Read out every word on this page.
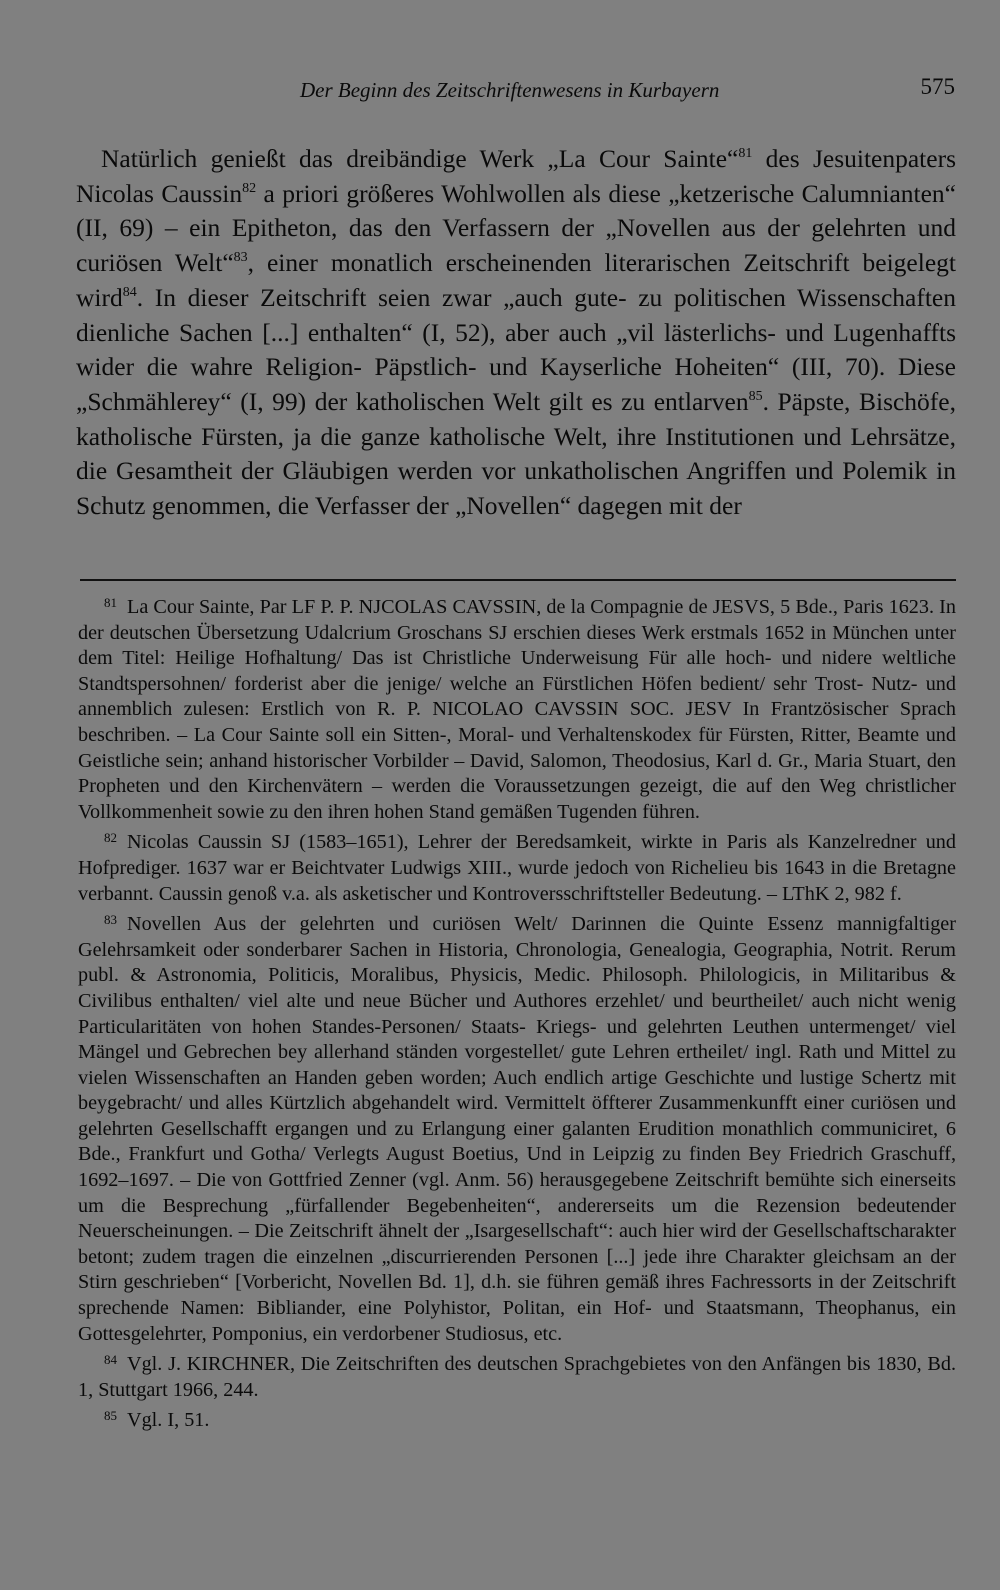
Der Beginn des Zeitschriftenwesens in Kurbayern	575

Natürlich genießt das dreibändige Werk „La Cour Sainte“$^{81}$ des Jesuitenpaters Nicolas Caussin$^{82}$ a priori größeres Wohlwollen als diese „ketzerische Calumnianten“ (II, 69) – ein Epitheton, das den Verfassern der „Novellen aus der gelehrten und curiösen Welt“$^{83}$, einer monatlich erscheinenden literarischen Zeitschrift beigelegt wird$^{84}$. In dieser Zeitschrift seien zwar „auch gute- zu politischen Wissenschaften dienliche Sachen [...] enthalten“ (I, 52), aber auch „vil lästerlichs- und Lugenhaffts wider die wahre Religion- Päpstlich- und Kayserliche Hoheiten“ (III, 70). Diese „Schmählerey“ (I, 99) der katholischen Welt gilt es zu entlarven$^{85}$. Päpste, Bischöfe, katholische Fürsten, ja die ganze katholische Welt, ihre Institutionen und Lehrsätze, die Gesamtheit der Gläubigen werden vor unkatholischen Angriffen und Polemik in Schutz genommen, die Verfasser der „Novellen“ dagegen mit der

$^{81}$ La Cour Sainte, Par LF P. P. NJCOLAS CAVSSIN, de la Compagnie de JESVS, 5 Bde., Paris 1623. In der deutschen Übersetzung Udalcrium Groschans SJ erschien dieses Werk erstmals 1652 in München unter dem Titel: Heilige Hofhaltung/ Das ist Christliche Underweisung Für alle hoch- und nidere weltliche Standtspersohnen/ forderist aber die jenige/ welche an Fürstlichen Höfen bedient/ sehr Trost- Nutz- und annemblich zulesen: Erstlich von R. P. NICOLAO CAVSSIN SOC. JESV In Frantzösischer Sprach beschriben. – La Cour Sainte soll ein Sitten-, Moral- und Verhaltenskodex für Fürsten, Ritter, Beamte und Geistliche sein; anhand historischer Vorbilder – David, Salomon, Theodosius, Karl d. Gr., Maria Stuart, den Propheten und den Kirchenvätern – werden die Voraussetzungen gezeigt, die auf den Weg christlicher Vollkommenheit sowie zu den ihren hohen Stand gemäßen Tugenden führen.

$^{82}$ Nicolas Caussin SJ (1583–1651), Lehrer der Beredsamkeit, wirkte in Paris als Kanzelredner und Hofprediger. 1637 war er Beichtvater Ludwigs XIII., wurde jedoch von Richelieu bis 1643 in die Bretagne verbannt. Caussin genoß v.a. als asketischer und Kontroversschriftsteller Bedeutung. – LThK 2, 982 f.

$^{83}$ Novellen Aus der gelehrten und curiösen Welt/ Darinnen die Quinte Essenz mannigfaltiger Gelehrsamkeit oder sonderbarer Sachen in Historia, Chronologia, Genealogia, Geographia, Notrit. Rerum publ. & Astronomia, Politicis, Moralibus, Physicis, Medic. Philosoph. Philologicis, in Militaribus & Civilibus enthalten/ viel alte und neue Bücher und Authores erzehlet/ und beurtheilet/ auch nicht wenig Particularitäten von hohen Standes-Personen/ Staats- Kriegs- und gelehrten Leuthen untermenget/ viel Mängel und Gebrechen bey allerhand ständen vorgestellet/ gute Lehren ertheilet/ ingl. Rath und Mittel zu vielen Wissenschaften an Handen geben worden; Auch endlich artige Geschichte und lustige Schertz mit beygebracht/ und alles Kürtzlich abgehandelt wird. Vermittelt öffterer Zusammenkunfft einer curiösen und gelehrten Gesellschafft ergangen und zu Erlangung einer galanten Erudition monathlich communiciret, 6 Bde., Frankfurt und Gotha/ Verlegts August Boetius, Und in Leipzig zu finden Bey Friedrich Graschuff, 1692–1697. – Die von Gottfried Zenner (vgl. Anm. 56) herausgegebene Zeitschrift bemühte sich einerseits um die Besprechung „fürfallender Begebenheiten“, andererseits um die Rezension bedeutender Neuerscheinungen. – Die Zeitschrift ähnelt der „Isargesellschaft“: auch hier wird der Gesellschaftscharakter betont; zudem tragen die einzelnen „discurrierenden Personen [...] jede ihre Charakter gleichsam an der Stirn geschrieben“ [Vorbericht, Novellen Bd. 1], d.h. sie führen gemäß ihres Fachressorts in der Zeitschrift sprechende Namen: Bibliander, eine Polyhistor, Politan, ein Hof- und Staatsmann, Theophanus, ein Gottesgelehrter, Pomponius, ein verdorbener Studiosus, etc.

$^{84}$ Vgl. J. KIRCHNER, Die Zeitschriften des deutschen Sprachgebietes von den Anfängen bis 1830, Bd. 1, Stuttgart 1966, 244.

$^{85}$ Vgl. I, 51.
